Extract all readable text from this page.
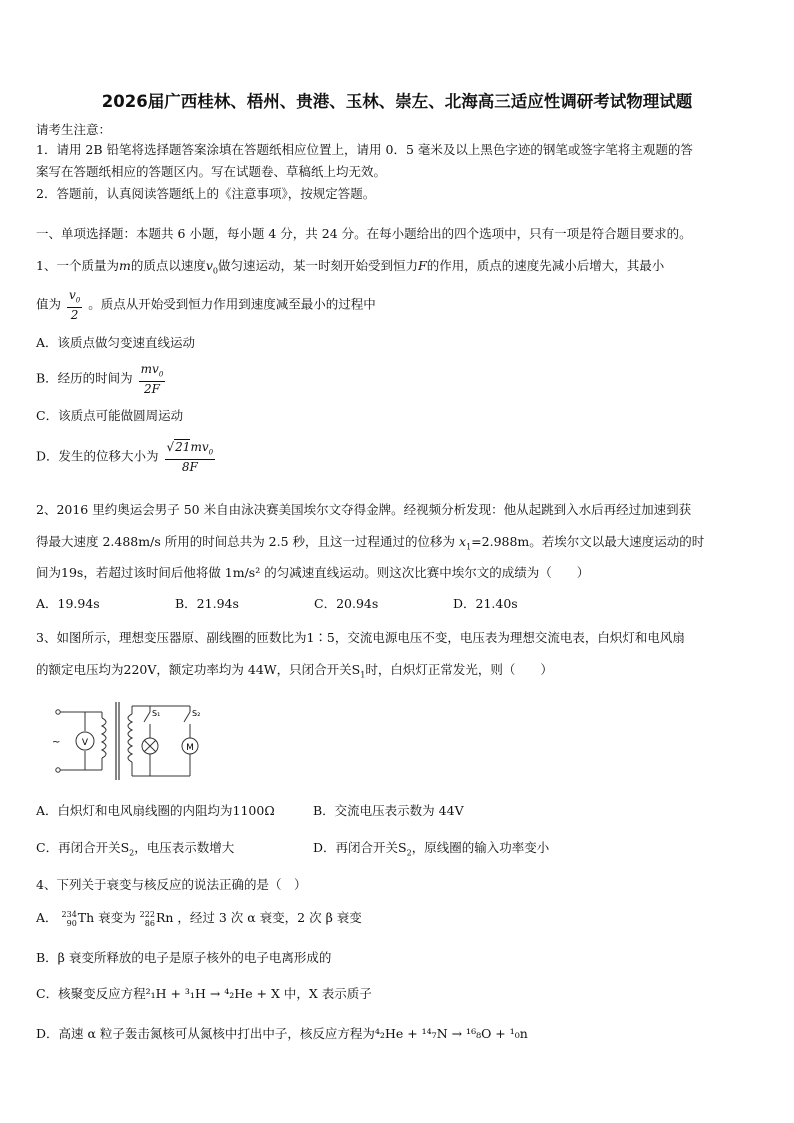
2026届广西桂林、梧州、贵港、玉林、崇左、北海高三适应性调研考试物理试题
请考生注意：
1．请用 2B 铅笔将选择题答案涂填在答题纸相应位置上，请用 0．5 毫米及以上黑色字迹的钢笔或签字笔将主观题的答
案写在答题纸相应的答题区内。写在试题卷、草稿纸上均无效。
2．答题前，认真阅读答题纸上的《注意事项》，按规定答题。
一、单项选择题：本题共 6 小题，每小题 4 分，共 24 分。在每小题给出的四个选项中，只有一项是符合题目要求的。
1、一个质量为m的质点以速度$v_0$做匀速运动，某一时刻开始受到恒力F的作用，质点的速度先减小后增大，其最小
值为 $\frac{v_0}{2}$ 。质点从开始受到恒力作用到速度减至最小的过程中
A．该质点做匀变速直线运动
B．经历的时间为 $\frac{mv_0}{2F}$
C．该质点可能做圆周运动
D．发生的位移大小为 $\frac{√21mv_0}{8F}$
2、2016 里约奥运会男子 50 米自由泳决赛美国埃尔文夺得金牌。经视频分析发现：他从起跳到入水后再经过加速到获
得最大速度 2.488m/s 所用的时间总共为 2.5 秒，且这一过程通过的位移为 $x_1=2.988m$。若埃尔文以最大速度运动的时
间为19s，若超过该时间后他将做 1m/s² 的匀减速直线运动。则这次比赛中埃尔文的成绩为（　　）
A．19.94s	B．21.94s	C．20.94s	D．21.40s
3、如图所示，理想变压器原、副线圈的匝数比为1∶5，交流电源电压不变，电压表为理想交流电表，白炽灯和电风扇
的额定电压均为220V，额定功率均为 44W，只闭合开关$S_1$时，白炽灯正常发光，则（　　）
V	M
S₁	S₂
~
A．白炽灯和电风扇线圈的内阻均为1100Ω	B．交流电压表示数为 44V
C．再闭合开关$S_2$，电压表示数增大	D．再闭合开关$S_2$，原线圈的输入功率变小
4、下列关于衰变与核反应的说法正确的是（　）
A． 234
90 Th 衰变为 222
86 Rn ，经过 3 次 α 衰变，2 次 β 衰变
B．β 衰变所释放的电子是原子核外的电子电离形成的
C．核聚变反应方程²₁H + ³₁H → ⁴₂He + X 中，X 表示质子
D．高速 α 粒子轰击氮核可从氮核中打出中子，核反应方程为⁴₂He + ¹⁴₇N → ¹⁶₈O + ¹₀n
